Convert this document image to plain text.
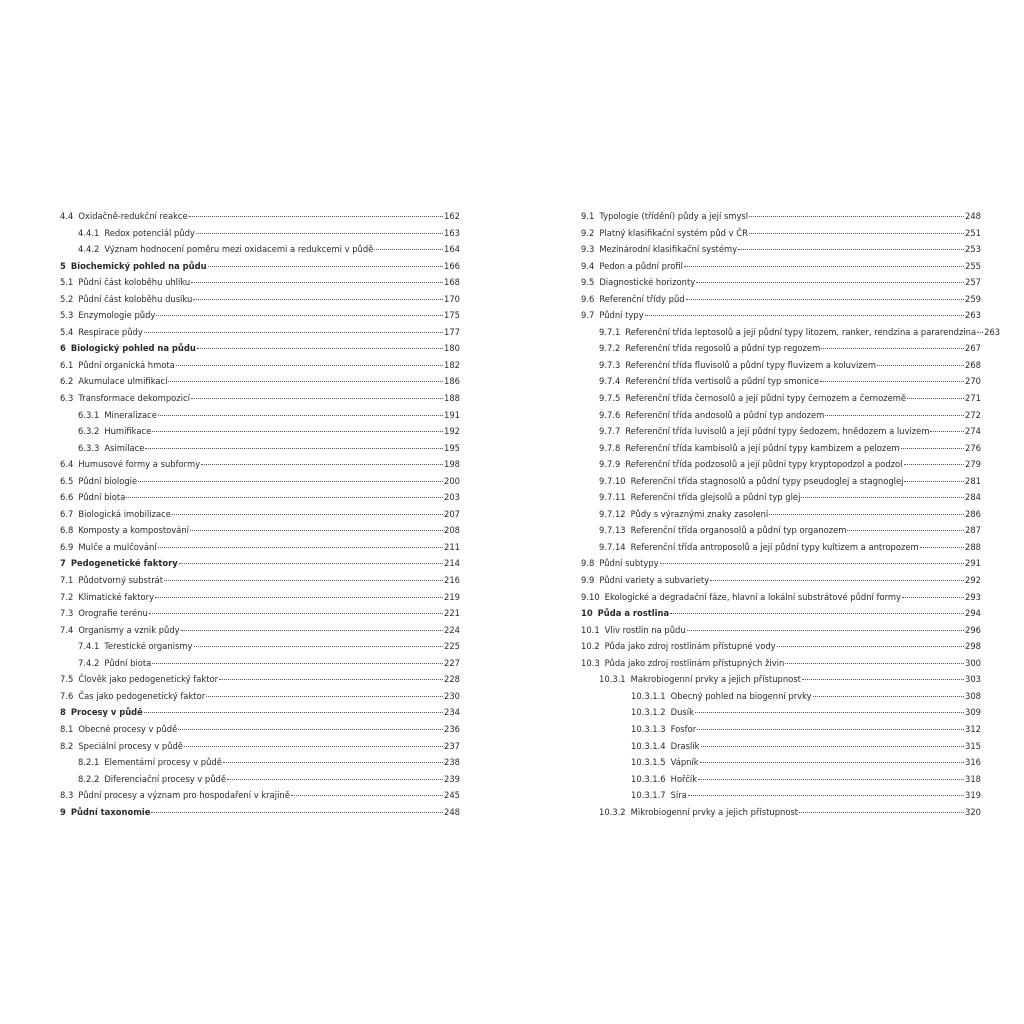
4.4 Oxidačně-redukční reakce	162
4.4.1 Redox potenciál půdy	163
4.4.2 Význam hodnocení poměru mezi oxidacemi a redukcemi v půdě	164
5 Biochemický pohled na půdu	166
5.1 Půdní část koloběhu uhlíku	168
5.2 Půdní část koloběhu dusíku	170
5.3 Enzymologie půdy	175
5.4 Respirace půdy	177
6 Biologický pohled na půdu	180
6.1 Půdní organická hmota	182
6.2 Akumulace ulmifikací	186
6.3 Transformace dekompozicí	188
6.3.1 Mineralizace	191
6.3.2 Humifikace	192
6.3.3 Asimilace	195
6.4 Humusové formy a subformy	198
6.5 Půdní biologie	200
6.6 Půdní biota	203
6.7 Biologická imobilizace	207
6.8 Komposty a kompostování	208
6.9 Mulče a mulčování	211
7 Pedogenetické faktory	214
7.1 Půdotvorný substrát	216
7.2 Klimatické faktory	219
7.3 Orografie terénu	221
7.4 Organismy a vznik půdy	224
7.4.1 Terestické organismy	225
7.4.2 Půdní biota	227
7.5 Člověk jako pedogenetický faktor	228
7.6 Čas jako pedogenetický faktor	230
8 Procesy v půdě	234
8.1 Obecné procesy v půdě	236
8.2 Speciální procesy v půdě	237
8.2.1 Elementární procesy v půdě	238
8.2.2 Diferenciační procesy v půdě	239
8.3 Půdní procesy a význam pro hospodaření v krajině	245
9 Půdní taxonomie	248
9.1 Typologie (třídění) půdy a její smysl	248
9.2 Platný klasifikační systém půd v ČR	251
9.3 Mezinárodní klasifikační systémy	253
9.4 Pedon a půdní profil	255
9.5 Diagnostické horizonty	257
9.6 Referenční třídy půd	259
9.7 Půdní typy	263
9.7.1 Referenční třída leptosolů a její půdní typy litozem, ranker, rendzina a pararendzina 263
9.7.2 Referenční třída regosolů a půdní typ regozem	267
9.7.3 Referenční třída fluvisolů a půdní typy fluvizem a koluvizem	268
9.7.4 Referenční třída vertisolů a půdní typ smonice	270
9.7.5 Referenční třída černosolů a její půdní typy černozem a černozemě	271
9.7.6 Referenční třída andosolů a půdní typ andozem	272
9.7.7 Referenční třída luvisolů a její půdní typy šedozem, hnědozem a luvizem	274
9.7.8 Referenční třída kambisolů a její půdní typy kambizem a pelozem	276
9.7.9 Referenční třída podzosolů a její půdní typy kryptopodzol a podzol	279
9.7.10 Referenční třída stagnosolů a půdní typy pseudoglej a stagnoglej	281
9.7.11 Referenční třída glejsolů a půdní typ glej	284
9.7.12 Půdy s výraznými znaky zasolení	286
9.7.13 Referenční třída organosolů a půdní typ organozem	287
9.7.14 Referenční třída antroposolů a její půdní typy kultizem a antropozem	288
9.8 Půdní subtypy	291
9.9 Půdní variety a subvariety	292
9.10 Ekologické a degradační fáze, hlavní a lokální substrátové půdní formy	293
10 Půda a rostlina	294
10.1 Vliv rostlin na půdu	296
10.2 Půda jako zdroj rostlinám přístupné vody	298
10.3 Půda jako zdroj rostlinám přístupných živin	300
10.3.1 Makrobiogenní prvky a jejich přístupnost	303
10.3.1.1 Obecný pohled na biogenní prvky	308
10.3.1.2 Dusík	309
10.3.1.3 Fosfor	312
10.3.1.4 Draslík	315
10.3.1.5 Vápník	316
10.3.1.6 Hořčík	318
10.3.1.7 Síra	319
10.3.2 Mikrobiogenní prvky a jejich přístupnost	320
